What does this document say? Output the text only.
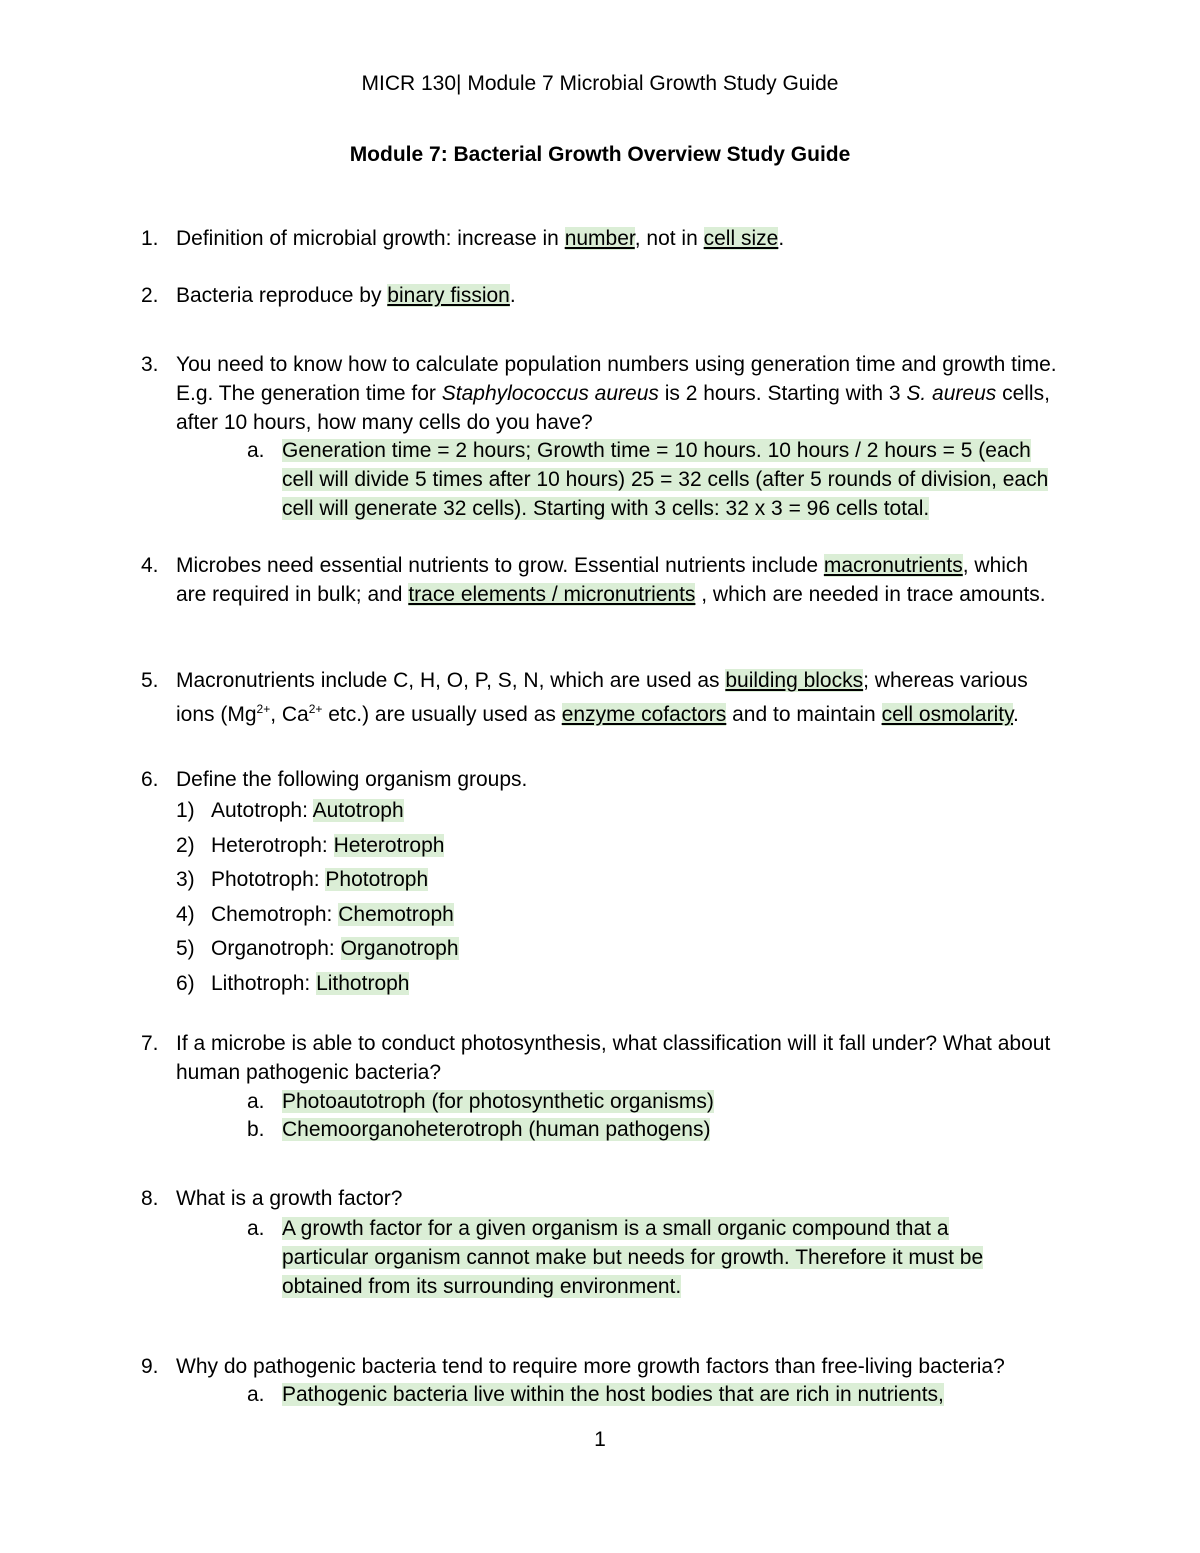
MICR 130| Module 7 Microbial Growth Study Guide
Module 7: Bacterial Growth Overview Study Guide
1. Definition of microbial growth: increase in number, not in cell size.
2. Bacteria reproduce by binary fission.
3. You need to know how to calculate population numbers using generation time and growth time. E.g. The generation time for Staphylococcus aureus is 2 hours. Starting with 3 S. aureus cells, after 10 hours, how many cells do you have?
a. Generation time = 2 hours; Growth time = 10 hours. 10 hours / 2 hours = 5 (each cell will divide 5 times after 10 hours) 25 = 32 cells (after 5 rounds of division, each cell will generate 32 cells). Starting with 3 cells: 32 x 3 = 96 cells total.
4. Microbes need essential nutrients to grow. Essential nutrients include macronutrients, which are required in bulk; and trace elements / micronutrients , which are needed in trace amounts.
5. Macronutrients include C, H, O, P, S, N, which are used as building blocks; whereas various ions ($Mg^{2+}$, $Ca^{2+}$ etc.) are usually used as enzyme cofactors and to maintain cell osmolarity.
6. Define the following organism groups.
1) Autotroph: Autotroph
2) Heterotroph: Heterotroph
3) Phototroph: Phototroph
4) Chemotroph: Chemotroph
5) Organotroph: Organotroph
6) Lithotroph: Lithotroph
7. If a microbe is able to conduct photosynthesis, what classification will it fall under? What about human pathogenic bacteria?
a. Photoautotroph (for photosynthetic organisms)
b. Chemoorganoheterotroph (human pathogens)
8. What is a growth factor?
a. A growth factor for a given organism is a small organic compound that a particular organism cannot make but needs for growth. Therefore it must be obtained from its surrounding environment.
9. Why do pathogenic bacteria tend to require more growth factors than free-living bacteria?
a. Pathogenic bacteria live within the host bodies that are rich in nutrients,
1
